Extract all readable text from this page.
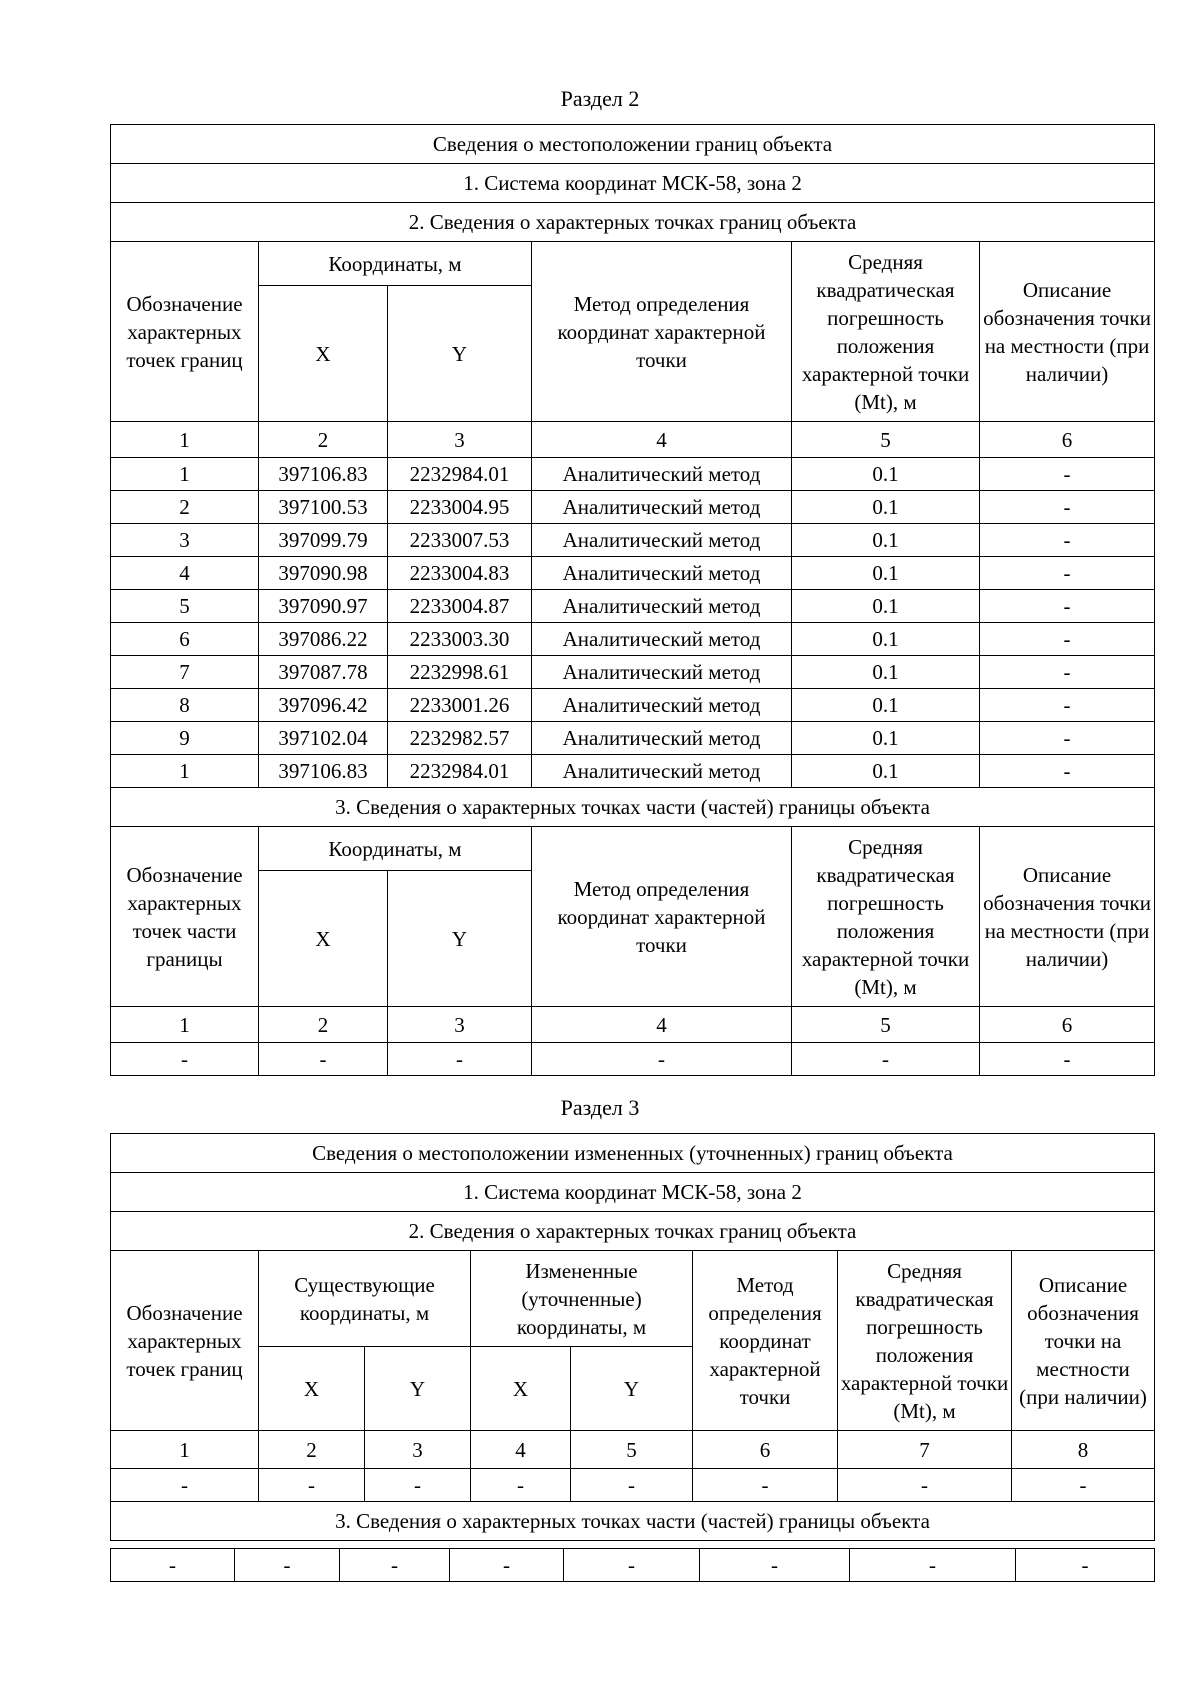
Раздел 2
Сведения о местоположении границ объекта					
1. Система координат МСК-58, зона 2					
2. Сведения о характерных точках границ объекта					
Обозначение характерных точек границ	Координаты, м		Метод определения координат характерной точки	Средняя квадратическая погрешность положения характерной точки (Mt), м	Описание обозначения точки на местности (при наличии)
	X	Y			
1	2	3	4	5	6
1	397106.83	2232984.01	Аналитический метод	0.1	-
2	397100.53	2233004.95	Аналитический метод	0.1	-
3	397099.79	2233007.53	Аналитический метод	0.1	-
4	397090.98	2233004.83	Аналитический метод	0.1	-
5	397090.97	2233004.87	Аналитический метод	0.1	-
6	397086.22	2233003.30	Аналитический метод	0.1	-
7	397087.78	2232998.61	Аналитический метод	0.1	-
8	397096.42	2233001.26	Аналитический метод	0.1	-
9	397102.04	2232982.57	Аналитический метод	0.1	-
1	397106.83	2232984.01	Аналитический метод	0.1	-
3. Сведения о характерных точках части (частей) границы объекта					
Обозначение характерных точек части границы	Координаты, м		Метод определения координат характерной точки	Средняя квадратическая погрешность положения характерной точки (Mt), м	Описание обозначения точки на местности (при наличии)
	X	Y			
1	2	3	4	5	6
-	-	-	-	-	-
Раздел 3
Сведения о местоположении измененных (уточненных) границ объекта							
1. Система координат МСК-58, зона 2							
2. Сведения о характерных точках границ объекта							
Обозначение характерных точек границ	Существующие координаты, м		Измененные (уточненные) координаты, м		Метод определения координат характерной точки	Средняя квадратическая погрешность положения характерной точки (Mt), м	Описание обозначения точки на местности (при наличии)
	X	Y	X	Y			
1	2	3	4	5	6	7	8
-	-	-	-	-	-	-	-
3. Сведения о характерных точках части (частей) границы объекта							
-	-	-	-	-	-	-	-	
